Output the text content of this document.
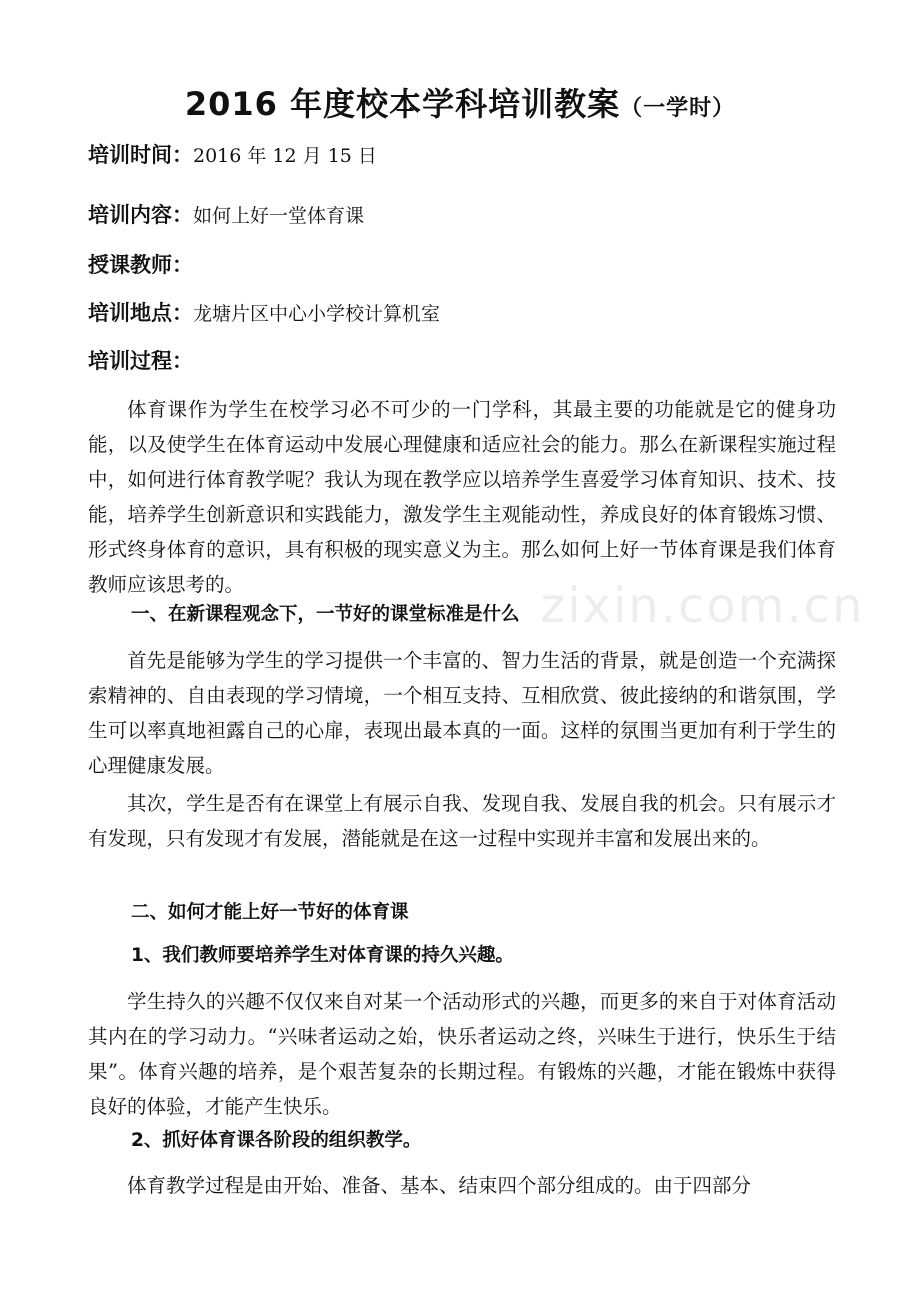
2016 年度校本学科培训教案（一学时）
培训时间：2016 年 12 月 15 日
培训内容：如何上好一堂体育课
授课教师：
培训地点：龙塘片区中心小学校计算机室
培训过程：

体育课作为学生在校学习必不可少的一门学科，其最主要的功能就是它的健身功能，以及使学生在体育运动中发展心理健康和适应社会的能力。那么在新课程实施过程中，如何进行体育教学呢？我认为现在教学应以培养学生喜爱学习体育知识、技术、技能，培养学生创新意识和实践能力，激发学生主观能动性，养成良好的体育锻炼习惯、形式终身体育的意识，具有积极的现实意义为主。那么如何上好一节体育课是我们体育教师应该思考的。

一、在新课程观念下，一节好的课堂标准是什么

首先是能够为学生的学习提供一个丰富的、智力生活的背景，就是创造一个充满探索精神的、自由表现的学习情境，一个相互支持、互相欣赏、彼此接纳的和谐氛围，学生可以率真地袒露自己的心扉，表现出最本真的一面。这样的氛围当更加有利于学生的心理健康发展。

其次，学生是否有在课堂上有展示自我、发现自我、发展自我的机会。只有展示才有发现，只有发现才有发展，潜能就是在这一过程中实现并丰富和发展出来的。

二、如何才能上好一节好的体育课
1、我们教师要培养学生对体育课的持久兴趣。

学生持久的兴趣不仅仅来自对某一个活动形式的兴趣，而更多的来自于对体育活动其内在的学习动力。“兴味者运动之始，快乐者运动之终，兴味生于进行，快乐生于结果”。体育兴趣的培养，是个艰苦复杂的长期过程。有锻炼的兴趣，才能在锻炼中获得良好的体验，才能产生快乐。

2、抓好体育课各阶段的组织教学。

体育教学过程是由开始、准备、基本、结束四个部分组成的。由于四部分

zixin.com.cn
